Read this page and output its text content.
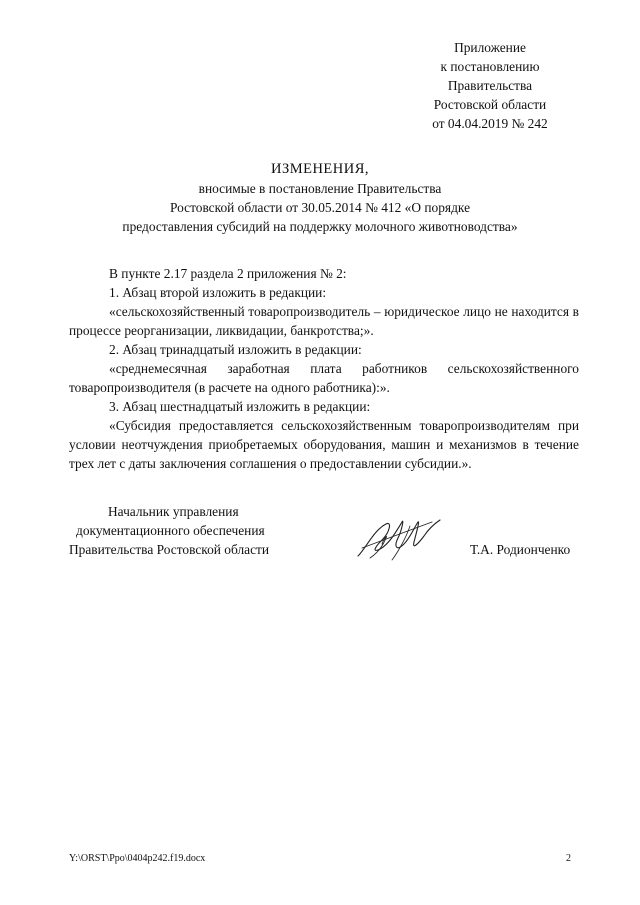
Приложение
к постановлению
Правительства
Ростовской области
от 04.04.2019 № 242
ИЗМЕНЕНИЯ,
вносимые в постановление Правительства
Ростовской области от 30.05.2014 № 412 «О порядке
предоставления субсидий на поддержку молочного животноводства»

В пункте 2.17 раздела 2 приложения № 2:

1. Абзац второй изложить в редакции:

«сельскохозяйственный товаропроизводитель – юридическое лицо не находится в процессе реорганизации, ликвидации, банкротства;».

2. Абзац тринадцатый изложить в редакции:

«среднемесячная заработная плата работников сельскохозяйственного товаропроизводителя (в расчете на одного работника):».

3. Абзац шестнадцатый изложить в редакции:

«Субсидия предоставляется сельскохозяйственным товаропроизводителям при условии неотчуждения приобретаемых оборудования, машин и механизмов в течение трех лет с даты заключения соглашения о предоставлении субсидии.».

Начальник управления
документационного обеспечения
Правительства Ростовской области	Т.А. Родионченко
Y:\ORST\Ppo\0404p242.f19.docx	2
